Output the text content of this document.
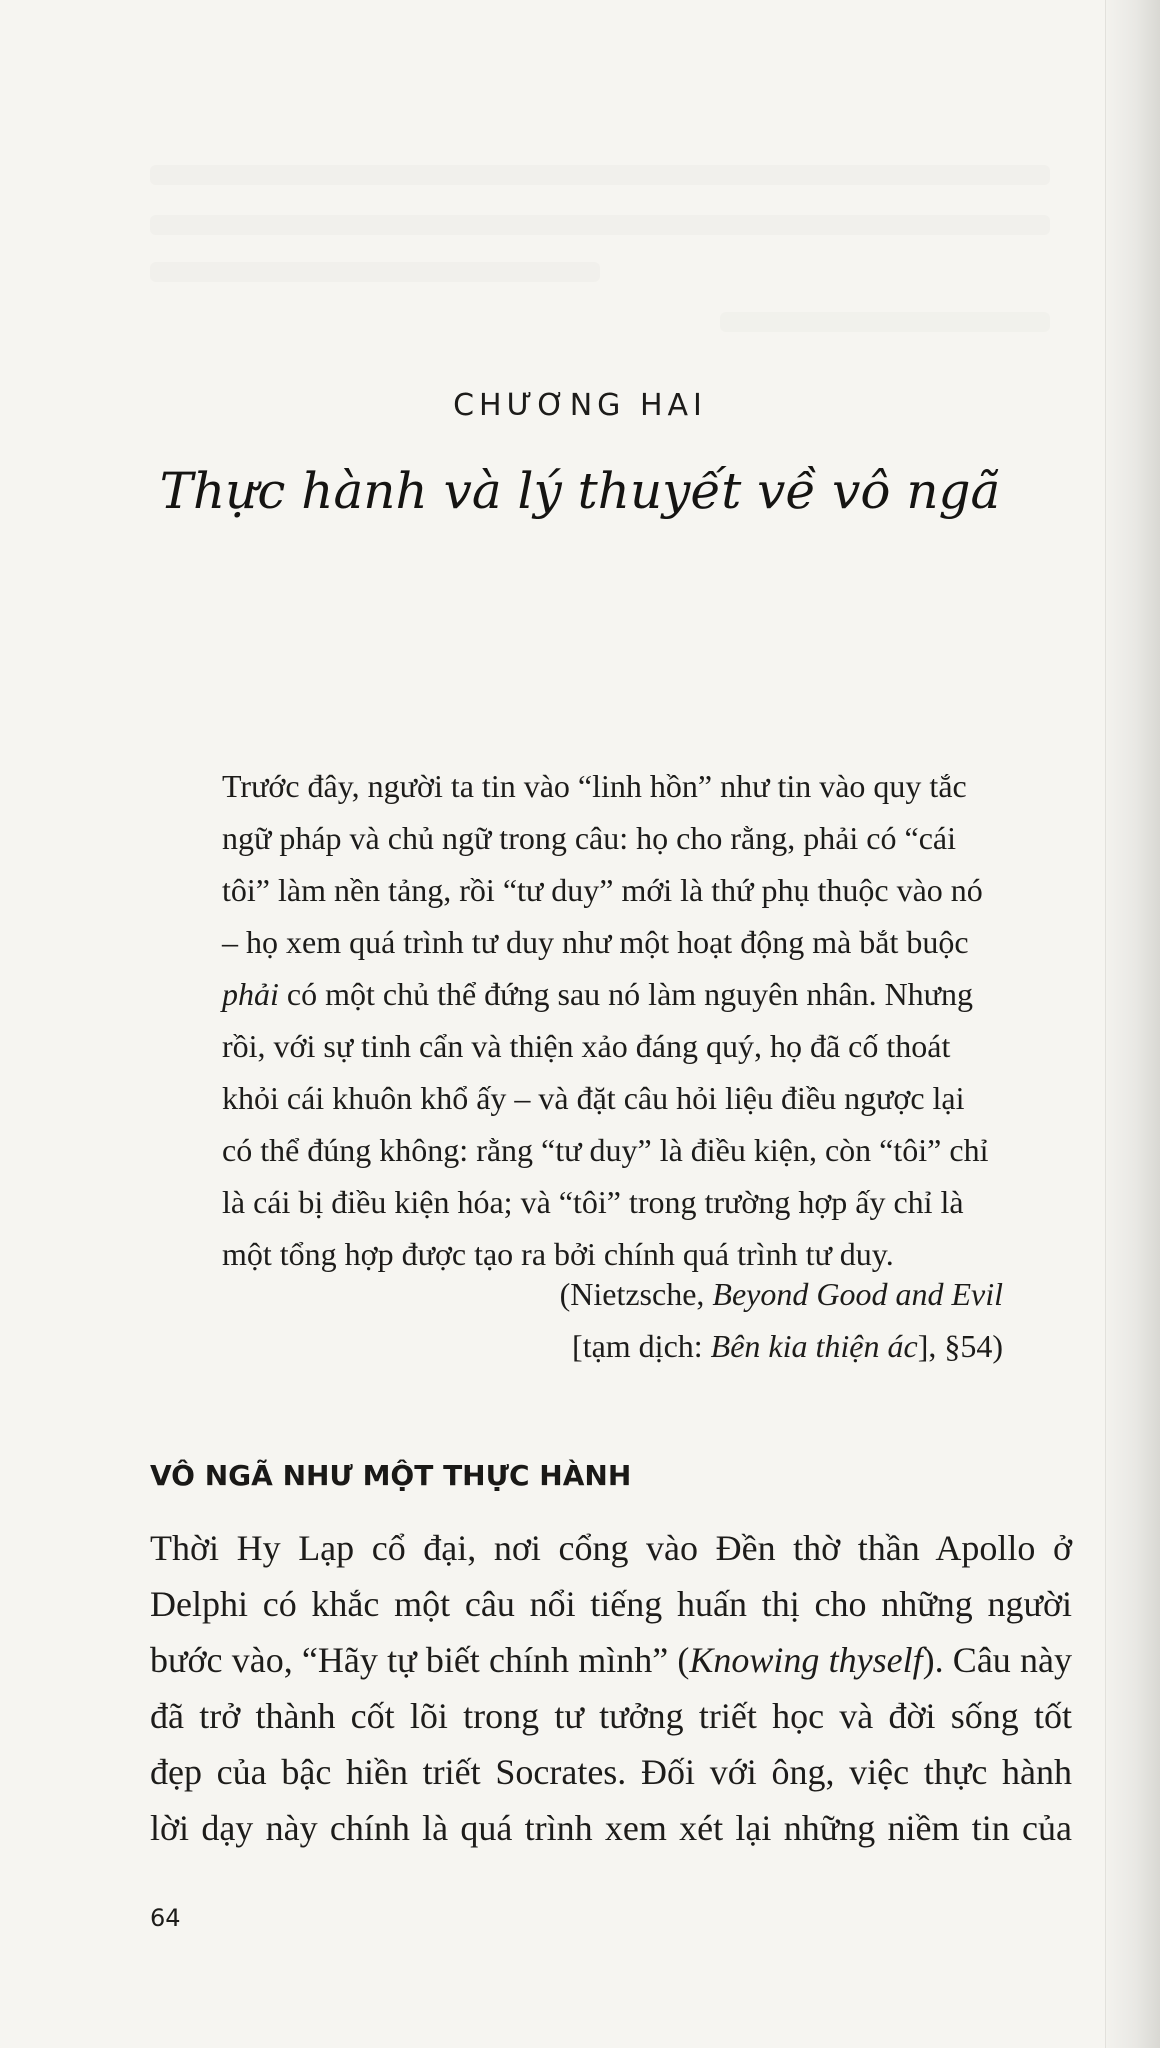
CHƯƠNG HAI
Thực hành và lý thuyết về vô ngã
Trước đây, người ta tin vào “linh hồn” như tin vào quy tắc
ngữ pháp và chủ ngữ trong câu: họ cho rằng, phải có “cái
tôi” làm nền tảng, rồi “tư duy” mới là thứ phụ thuộc vào nó
– họ xem quá trình tư duy như một hoạt động mà bắt buộc
phải có một chủ thể đứng sau nó làm nguyên nhân. Nhưng
rồi, với sự tinh cẩn và thiện xảo đáng quý, họ đã cố thoát
khỏi cái khuôn khổ ấy – và đặt câu hỏi liệu điều ngược lại
có thể đúng không: rằng “tư duy” là điều kiện, còn “tôi” chỉ
là cái bị điều kiện hóa; và “tôi” trong trường hợp ấy chỉ là
một tổng hợp được tạo ra bởi chính quá trình tư duy.
(Nietzsche, Beyond Good and Evil
[tạm dịch: Bên kia thiện ác], §54)
VÔ NGÃ NHƯ MỘT THỰC HÀNH
Thời Hy Lạp cổ đại, nơi cổng vào Đền thờ thần Apollo ở
Delphi có khắc một câu nổi tiếng huấn thị cho những người
bước vào, “Hãy tự biết chính mình” (Knowing thyself). Câu này
đã trở thành cốt lõi trong tư tưởng triết học và đời sống tốt
đẹp của bậc hiền triết Socrates. Đối với ông, việc thực hành
lời dạy này chính là quá trình xem xét lại những niềm tin của
64
